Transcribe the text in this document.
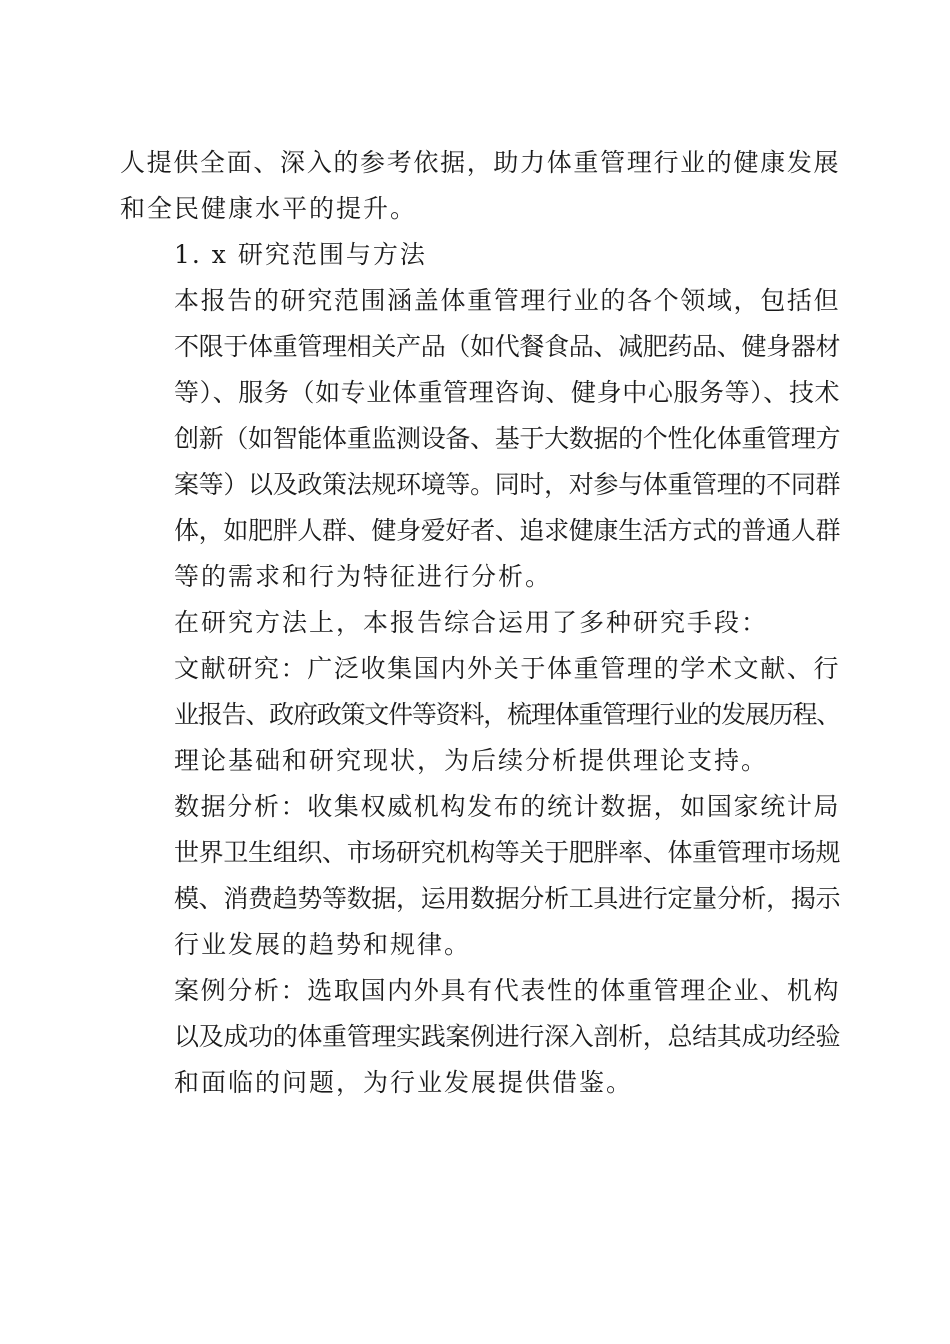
人提供全面、深入的参考依据，助力体重管理行业的健康发展
和全民健康水平的提升。

1. x 研究范围与方法

本报告的研究范围涵盖体重管理行业的各个领域，包括但
不限于体重管理相关产品（如代餐食品、减肥药品、健身器材
等）、服务（如专业体重管理咨询、健身中心服务等）、技术
创新（如智能体重监测设备、基于大数据的个性化体重管理方
案等）以及政策法规环境等。同时，对参与体重管理的不同群
体，如肥胖人群、健身爱好者、追求健康生活方式的普通人群
等的需求和行为特征进行分析。

在研究方法上，本报告综合运用了多种研究手段：

文献研究：广泛收集国内外关于体重管理的学术文献、行
业报告、政府政策文件等资料，梳理体重管理行业的发展历程、
理论基础和研究现状，为后续分析提供理论支持。

数据分析：收集权威机构发布的统计数据，如国家统计局
世界卫生组织、市场研究机构等关于肥胖率、体重管理市场规
模、消费趋势等数据，运用数据分析工具进行定量分析，揭示
行业发展的趋势和规律。

案例分析：选取国内外具有代表性的体重管理企业、机构
以及成功的体重管理实践案例进行深入剖析，总结其成功经验
和面临的问题，为行业发展提供借鉴。
